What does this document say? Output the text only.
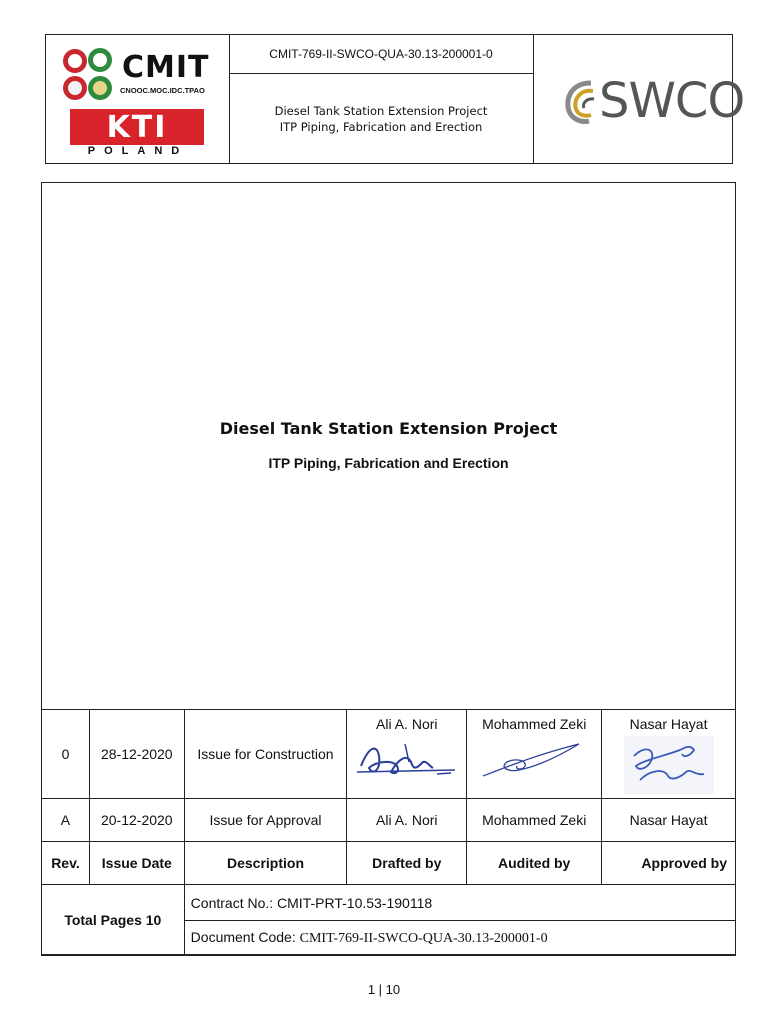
CMIT
CNOOC.MOC.IDC.TPAO
KTI
POLAND
CMIT-769-II-SWCO-QUA-30.13-200001-0
Diesel Tank Station Extension Project
ITP Piping, Fabrication and Erection SWCO
Diesel Tank Station Extension Project
ITP Piping, Fabrication and Erection
0	28-12-2020	Issue for Construction	Ali A. Nori	Mohammed Zeki	Nasar Hayat

A	20-12-2020	Issue for Approval	Ali A. Nori	Mohammed Zeki	Nasar Hayat
Rev.	Issue Date	Description	Drafted by	Audited by	Approved by
Total Pages 10		Contract No.: CMIT-PRT-10.53-190118			
		Document Code: CMIT-769-II-SWCO-QUA-30.13-200001-0			
1 | 10
